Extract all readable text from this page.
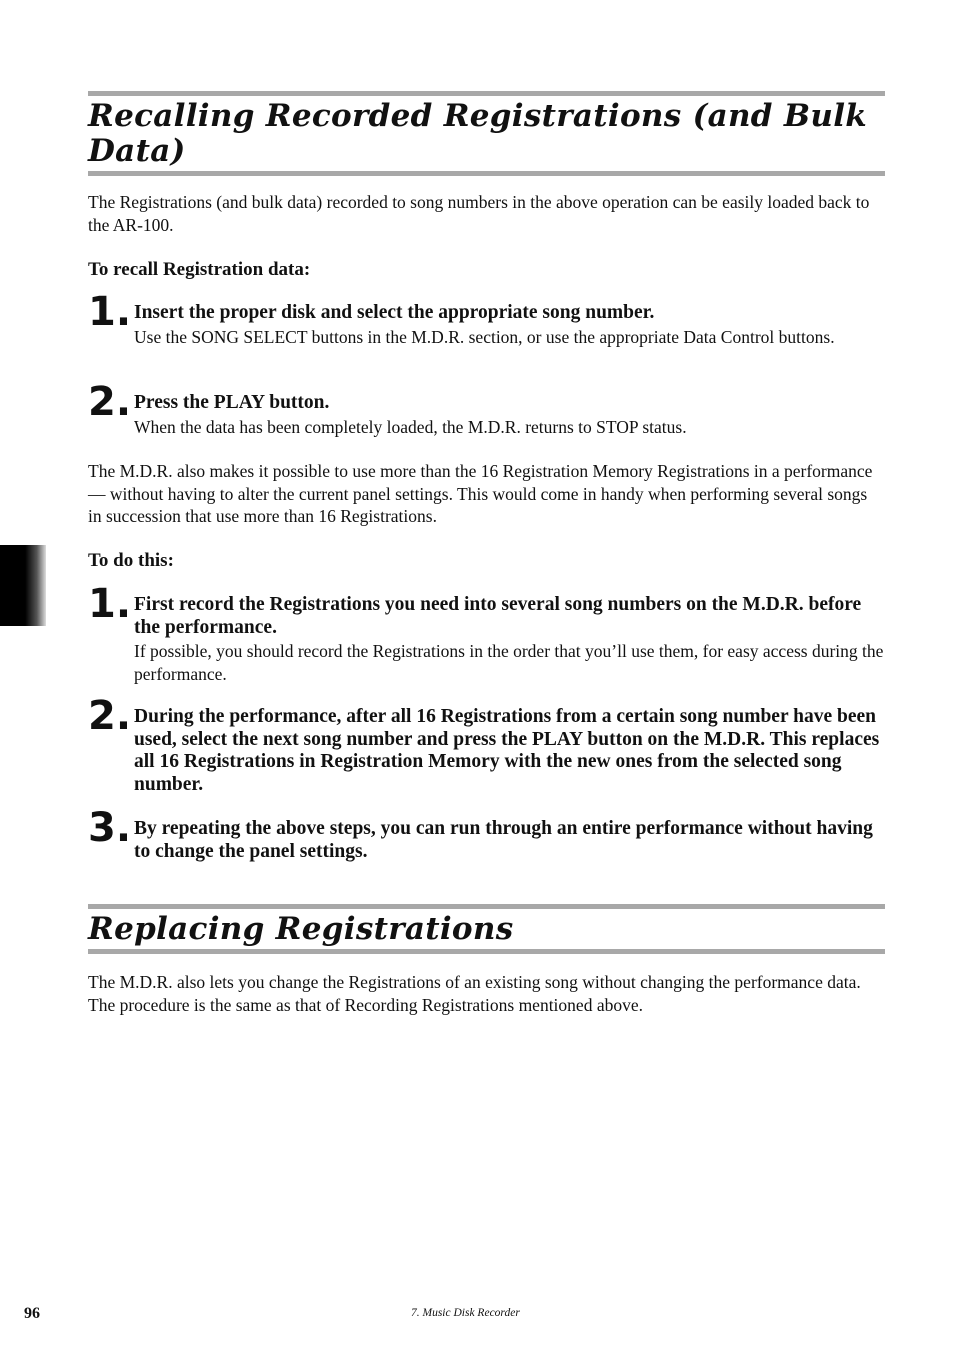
Recalling Recorded Registrations (and Bulk Data)

The Registrations (and bulk data) recorded to song numbers in the above operation can be easily loaded back to the AR-100.

To recall Registration data:

1. Insert the proper disk and select the appropriate song number.

Use the SONG SELECT buttons in the M.D.R. section, or use the appropriate Data Control buttons.

2. Press the PLAY button.

When the data has been completely loaded, the M.D.R. returns to STOP status.

The M.D.R. also makes it possible to use more than the 16 Registration Memory Registrations in a performance — without having to alter the current panel settings. This would come in handy when performing several songs in succession that use more than 16 Registrations.

To do this:

1. First record the Registrations you need into several song numbers on the M.D.R. before the performance.

If possible, you should record the Registrations in the order that you’ll use them, for easy access during the performance.

2. During the performance, after all 16 Registrations from a certain song number have been used, select the next song number and press the PLAY button on the M.D.R. This replaces all 16 Registrations in Registration Memory with the new ones from the selected song number.

3. By repeating the above steps, you can run through an entire performance without having to change the panel settings.

Replacing Registrations

The M.D.R. also lets you change the Registrations of an existing song without changing the performance data. The procedure is the same as that of Recording Registrations mentioned above.

96	7. Music Disk Recorder
